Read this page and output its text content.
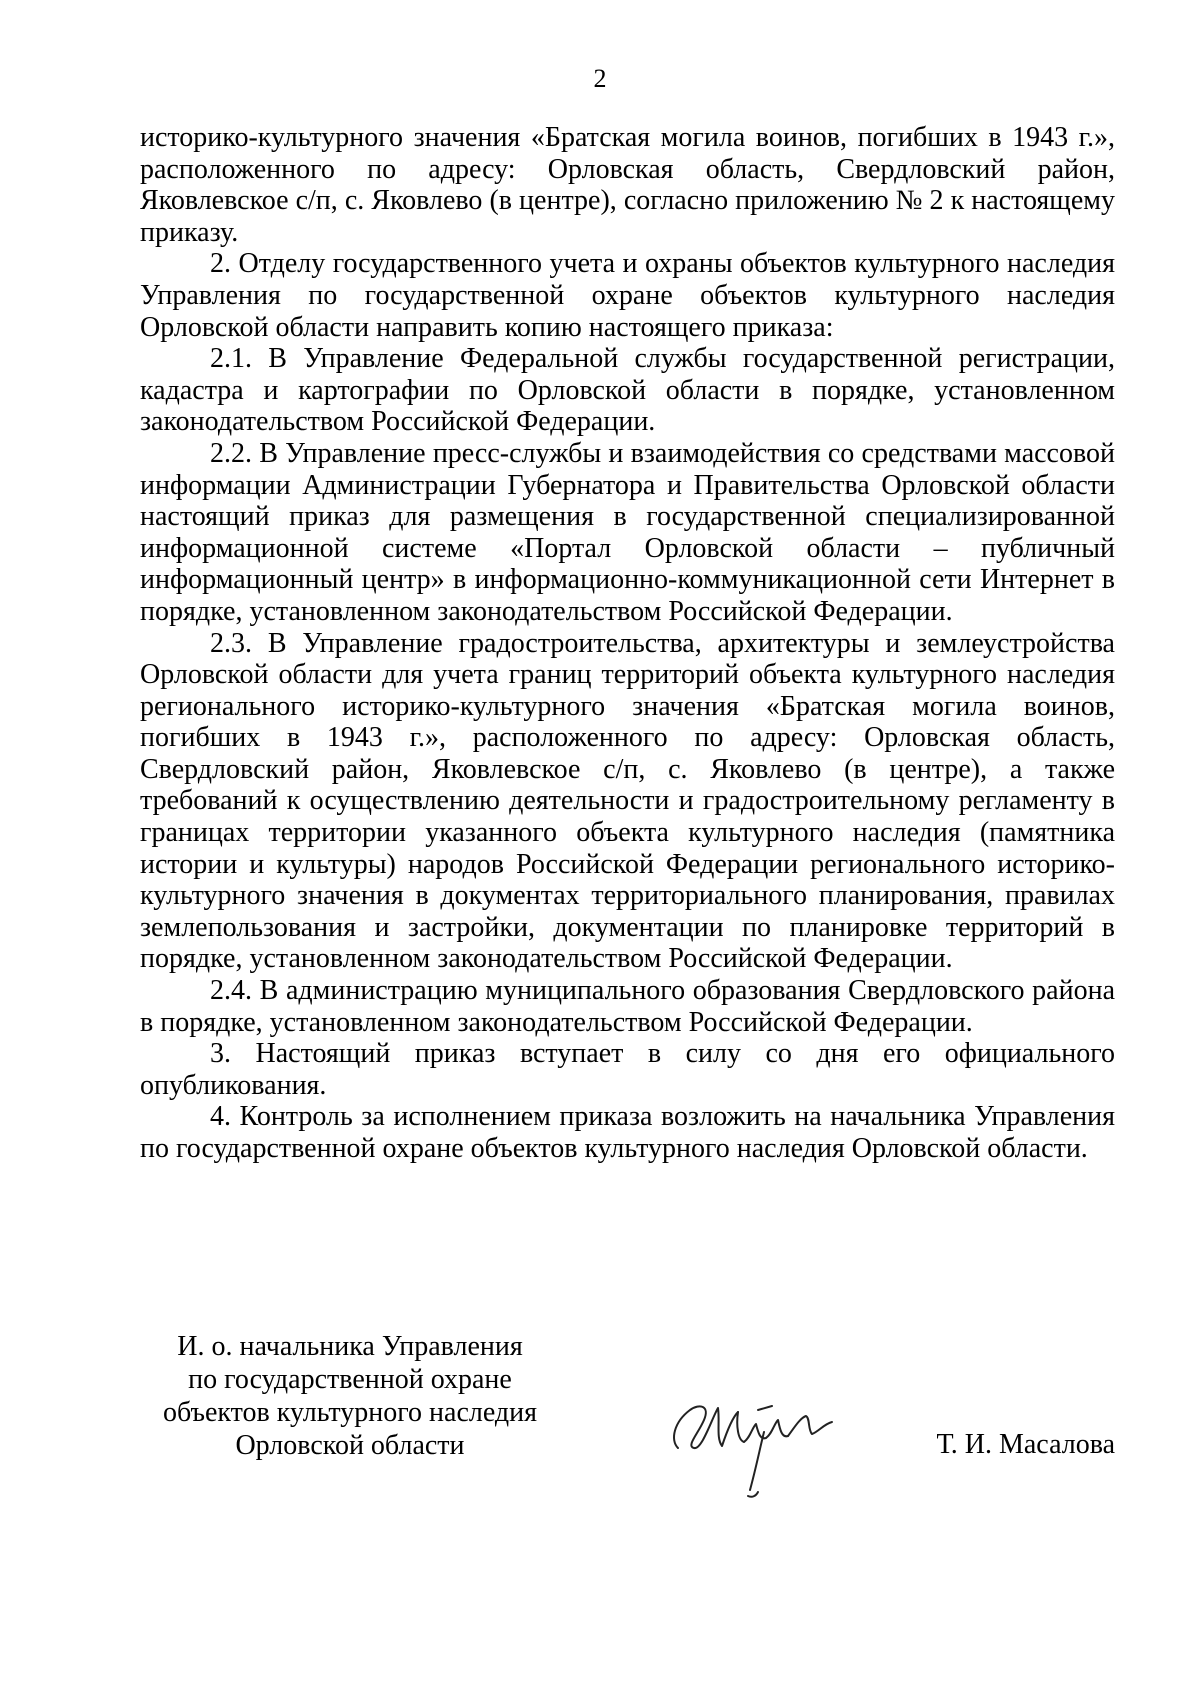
2

историко-культурного значения «Братская могила воинов, погибших в 1943 г.», расположенного по адресу: Орловская область, Свердловский район, Яковлевское с/п, с. Яковлево (в центре), согласно приложению № 2 к настоящему приказу.

2. Отделу государственного учета и охраны объектов культурного наследия Управления по государственной охране объектов культурного наследия Орловской области направить копию настоящего приказа:

2.1. В Управление Федеральной службы государственной регистрации, кадастра и картографии по Орловской области в порядке, установленном законодательством Российской Федерации.

2.2. В Управление пресс-службы и взаимодействия со средствами массовой информации Администрации Губернатора и Правительства Орловской области настоящий приказ для размещения в государственной специализированной информационной системе «Портал Орловской области – публичный информационный центр» в информационно-коммуникационной сети Интернет в порядке, установленном законодательством Российской Федерации.

2.3. В Управление градостроительства, архитектуры и землеустройства Орловской области для учета границ территорий объекта культурного наследия регионального историко-культурного значения «Братская могила воинов, погибших в 1943 г.», расположенного по адресу: Орловская область, Свердловский район, Яковлевское с/п, с. Яковлево (в центре), а также требований к осуществлению деятельности и градостроительному регламенту в границах территории указанного объекта культурного наследия (памятника истории и культуры) народов Российской Федерации регионального историко-культурного значения в документах территориального планирования, правилах землепользования и застройки, документации по планировке территорий в порядке, установленном законодательством Российской Федерации.

2.4. В администрацию муниципального образования Свердловского района в порядке, установленном законодательством Российской Федерации.

3. Настоящий приказ вступает в силу со дня его официального опубликования.

4. Контроль за исполнением приказа возложить на начальника Управления по государственной охране объектов культурного наследия Орловской области.

И. о. начальника Управления
по государственной охране
объектов культурного наследия
Орловской области	Т. И. Масалова
